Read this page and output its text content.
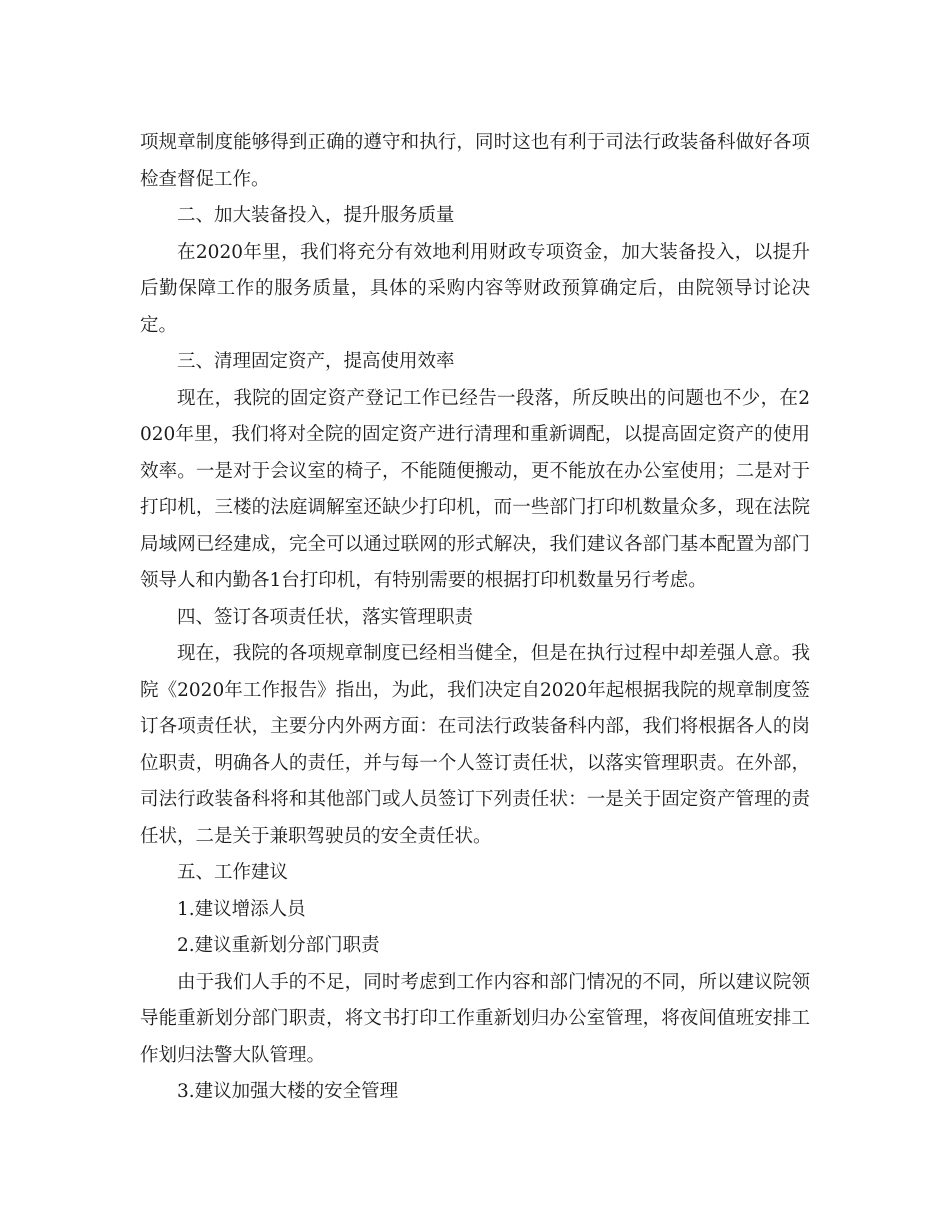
项规章制度能够得到正确的遵守和执行，同时这也有利于司法行政装备科做好各项检查督促工作。

二、加大装备投入，提升服务质量

在2020年里，我们将充分有效地利用财政专项资金，加大装备投入，以提升后勤保障工作的服务质量，具体的采购内容等财政预算确定后，由院领导讨论决定。

三、清理固定资产，提高使用效率

现在，我院的固定资产登记工作已经告一段落，所反映出的问题也不少，在2020年里，我们将对全院的固定资产进行清理和重新调配，以提高固定资产的使用效率。一是对于会议室的椅子，不能随便搬动，更不能放在办公室使用；二是对于打印机，三楼的法庭调解室还缺少打印机，而一些部门打印机数量众多，现在法院局域网已经建成，完全可以通过联网的形式解决，我们建议各部门基本配置为部门领导人和内勤各1台打印机，有特别需要的根据打印机数量另行考虑。

四、签订各项责任状，落实管理职责

现在，我院的各项规章制度已经相当健全，但是在执行过程中却差强人意。我院《2020年工作报告》指出，为此，我们决定自2020年起根据我院的规章制度签订各项责任状，主要分内外两方面：在司法行政装备科内部，我们将根据各人的岗位职责，明确各人的责任，并与每一个人签订责任状，以落实管理职责。在外部，司法行政装备科将和其他部门或人员签订下列责任状：一是关于固定资产管理的责任状，二是关于兼职驾驶员的安全责任状。

五、工作建议

1.建议增添人员

2.建议重新划分部门职责

由于我们人手的不足，同时考虑到工作内容和部门情况的不同，所以建议院领导能重新划分部门职责，将文书打印工作重新划归办公室管理，将夜间值班安排工作划归法警大队管理。

3.建议加强大楼的安全管理
